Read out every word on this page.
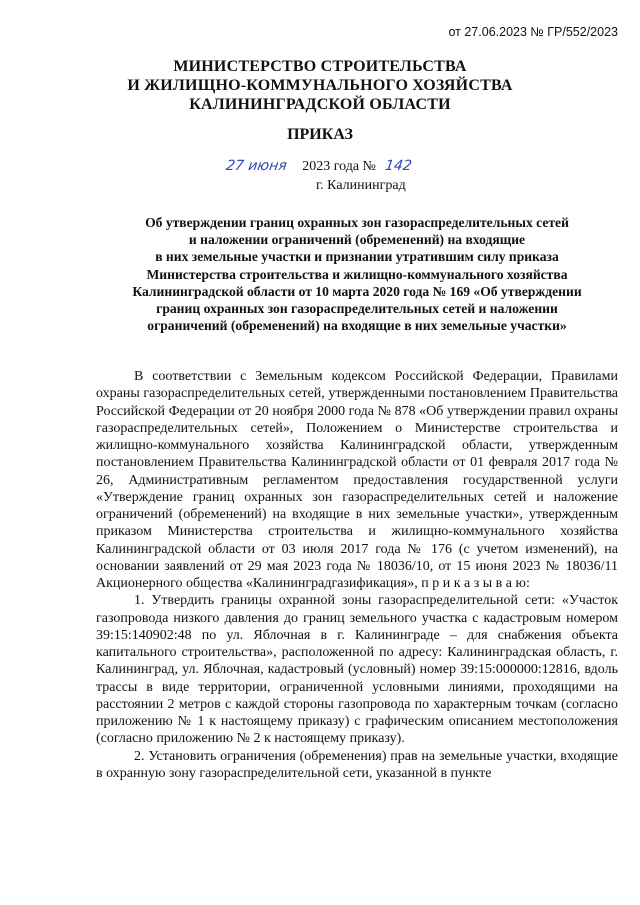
от 27.06.2023 № ГР/552/2023
МИНИСТЕРСТВО СТРОИТЕЛЬСТВА
И ЖИЛИЩНО-КОММУНАЛЬНОГО ХОЗЯЙСТВА
КАЛИНИНГРАДСКОЙ ОБЛАСТИ
ПРИКАЗ
27 июня 2023 года № 142
г. Калининград
Об утверждении границ охранных зон газораспределительных сетей
и наложении ограничений (обременений) на входящие
в них земельные участки и признании утратившим силу приказа
Министерства строительства и жилищно-коммунального хозяйства
Калининградской области от 10 марта 2020 года № 169 «Об утверждении
границ охранных зон газораспределительных сетей и наложении
ограничений (обременений) на входящие в них земельные участки»

В соответствии с Земельным кодексом Российской Федерации, Правилами охраны газораспределительных сетей, утвержденными постановлением Правительства Российской Федерации от 20 ноября 2000 года № 878 «Об утверждении правил охраны газораспределительных сетей», Положением о Министерстве строительства и жилищно-коммунального хозяйства Калининградской области, утвержденным постановлением Правительства Калининградской области от 01 февраля 2017 года № 26, Административным регламентом предоставления государственной услуги «Утверждение границ охранных зон газораспределительных сетей и наложение ограничений (обременений) на входящие в них земельные участки», утвержденным приказом Министерства строительства и жилищно-коммунального хозяйства Калининградской области от 03 июля 2017 года № 176 (с учетом изменений), на основании заявлений от 29 мая 2023 года № 18036/10, от 15 июня 2023 № 18036/11 Акционерного общества «Калининградгазификация», п р и к а з ы в а ю:

1. Утвердить границы охранной зоны газораспределительной сети: «Участок газопровода низкого давления до границ земельного участка с кадастровым номером 39:15:140902:48 по ул. Яблочная в г. Калининграде – для снабжения объекта капитального строительства», расположенной по адресу: Калининградская область, г. Калининград, ул. Яблочная, кадастровый (условный) номер 39:15:000000:12816, вдоль трассы в виде территории, ограниченной условными линиями, проходящими на расстоянии 2 метров с каждой стороны газопровода по характерным точкам (согласно приложению № 1 к настоящему приказу) с графическим описанием местоположения (согласно приложению № 2 к настоящему приказу).

2. Установить ограничения (обременения) прав на земельные участки, входящие в охранную зону газораспределительной сети, указанной в пункте
